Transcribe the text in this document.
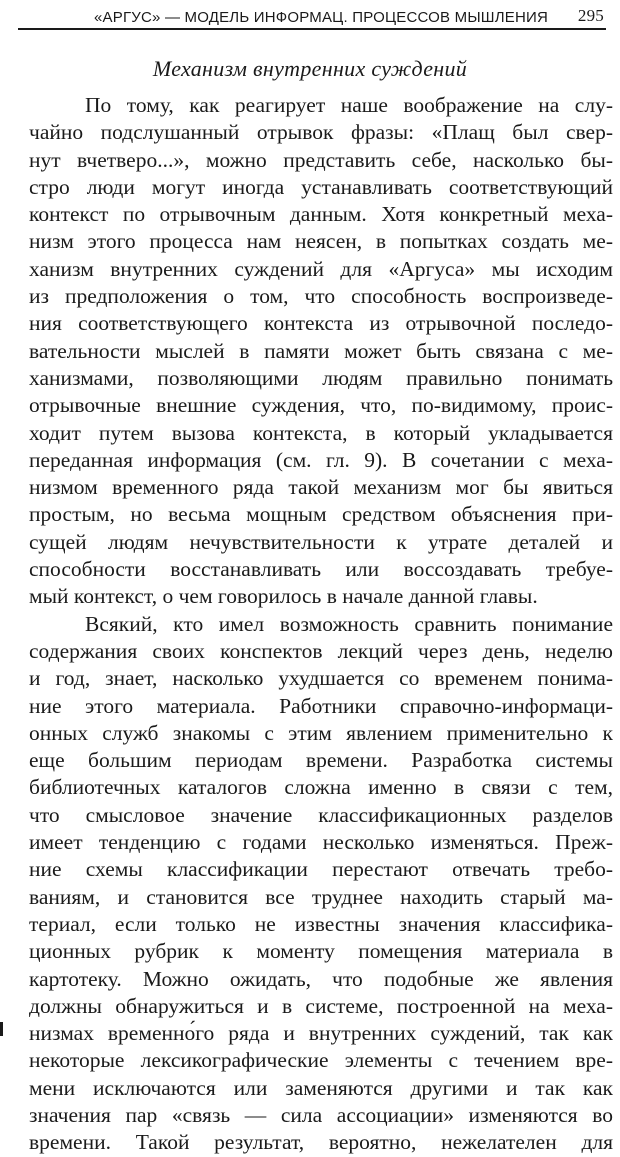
«АРГУС» — МОДЕЛЬ ИНФОРМАЦ. ПРОЦЕССОВ МЫШЛЕНИЯ 295
Механизм внутренних суждений
По тому, как реагирует наше воображение на слу-
чайно подслушанный отрывок фразы: «Плащ был свер-
нут вчетверо...», можно представить себе, насколько бы-
стро люди могут иногда устанавливать соответствующий
контекст по отрывочным данным. Хотя конкретный меха-
низм этого процесса нам неясен, в попытках создать ме-
ханизм внутренних суждений для «Аргуса» мы исходим
из предположения о том, что способность воспроизведе-
ния соответствующего контекста из отрывочной последо-
вательности мыслей в памяти может быть связана с ме-
ханизмами, позволяющими людям правильно понимать
отрывочные внешние суждения, что, по-видимому, проис-
ходит путем вызова контекста, в который укладывается
переданная информация (см. гл. 9). В сочетании с меха-
низмом временного ряда такой механизм мог бы явиться
простым, но весьма мощным средством объяснения при-
сущей людям нечувствительности к утрате деталей и
способности восстанавливать или воссоздавать требуе-
мый контекст, о чем говорилось в начале данной главы.
Всякий, кто имел возможность сравнить понимание
содержания своих конспектов лекций через день, неделю
и год, знает, насколько ухудшается со временем понима-
ние этого материала. Работники справочно-информаци-
онных служб знакомы с этим явлением применительно к
еще большим периодам времени. Разработка системы
библиотечных каталогов сложна именно в связи с тем,
что смысловое значение классификационных разделов
имеет тенденцию с годами несколько изменяться. Преж-
ние схемы классификации перестают отвечать требо-
ваниям, и становится все труднее находить старый ма-
териал, если только не известны значения классифика-
ционных рубрик к моменту помещения материала в
картотеку. Можно ожидать, что подобные же явления
должны обнаружиться и в системе, построенной на меха-
низмах временно́го ряда и внутренних суждений, так как
некоторые лексикографические элементы с течением вре-
мени исключаются или заменяются другими и так как
значения пар «связь — сила ассоциации» изменяются во
времени. Такой результат, вероятно, нежелателен для
